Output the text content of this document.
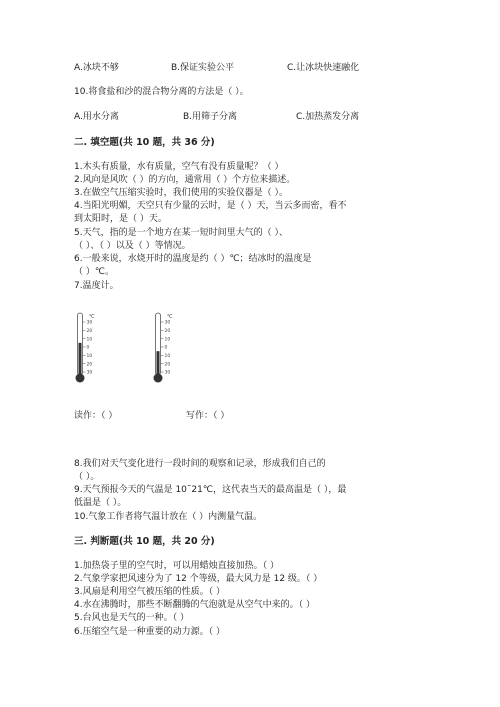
A.冰块不够	B.保证实验公平	C.让冰块快速融化
10.将食盐和沙的混合物分离的方法是（ ）。
A.用水分离	B.用筛子分离	C.加热蒸发分离
二. 填空题(共 10 题，共 36 分)
1.木头有质量，水有质量，空气有没有质量呢？（ ）
2.风向是风吹（ ）的方向，通常用（ ）个方位来描述。
3.在做空气压缩实验时，我们使用的实验仪器是（ ）。
4.当阳光明媚，天空只有少量的云时，是（ ）天，当云多而密，看不
到太阳时，是（ ）天。
5.天气，指的是一个地方在某一短时间里大气的（ ）、
（ ）、（ ）以及（ ）等情况。
6.一般来说，水烧开时的温度是约（ ）℃；结冰时的温度是
（ ）℃。
7.温度计。
℃
30
20
10
0
10
20
30
℃
30
20
10
0
10
20
30
读作：（ ）	写作：（ ）
8.我们对天气变化进行一段时间的观察和记录，形成我们自己的
（ ）。
9.天气预报今天的气温是 10˜21℃，这代表当天的最高温是（ ），最
低温是（ ）。
10.气象工作者将气温计放在（ ）内测量气温。
三. 判断题(共 10 题，共 20 分)
1.加热袋子里的空气时，可以用蜡烛直接加热。（ ）
2.气象学家把风速分为了 12 个等级，最大风力是 12 级。（ ）
3.风扇是利用空气被压缩的性质。（ ）
4.水在沸腾时，那些不断翻腾的气泡就是从空气中来的。（ ）
5.台风也是天气的一种。（ ）
6.压缩空气是一种重要的动力源。（ ）
